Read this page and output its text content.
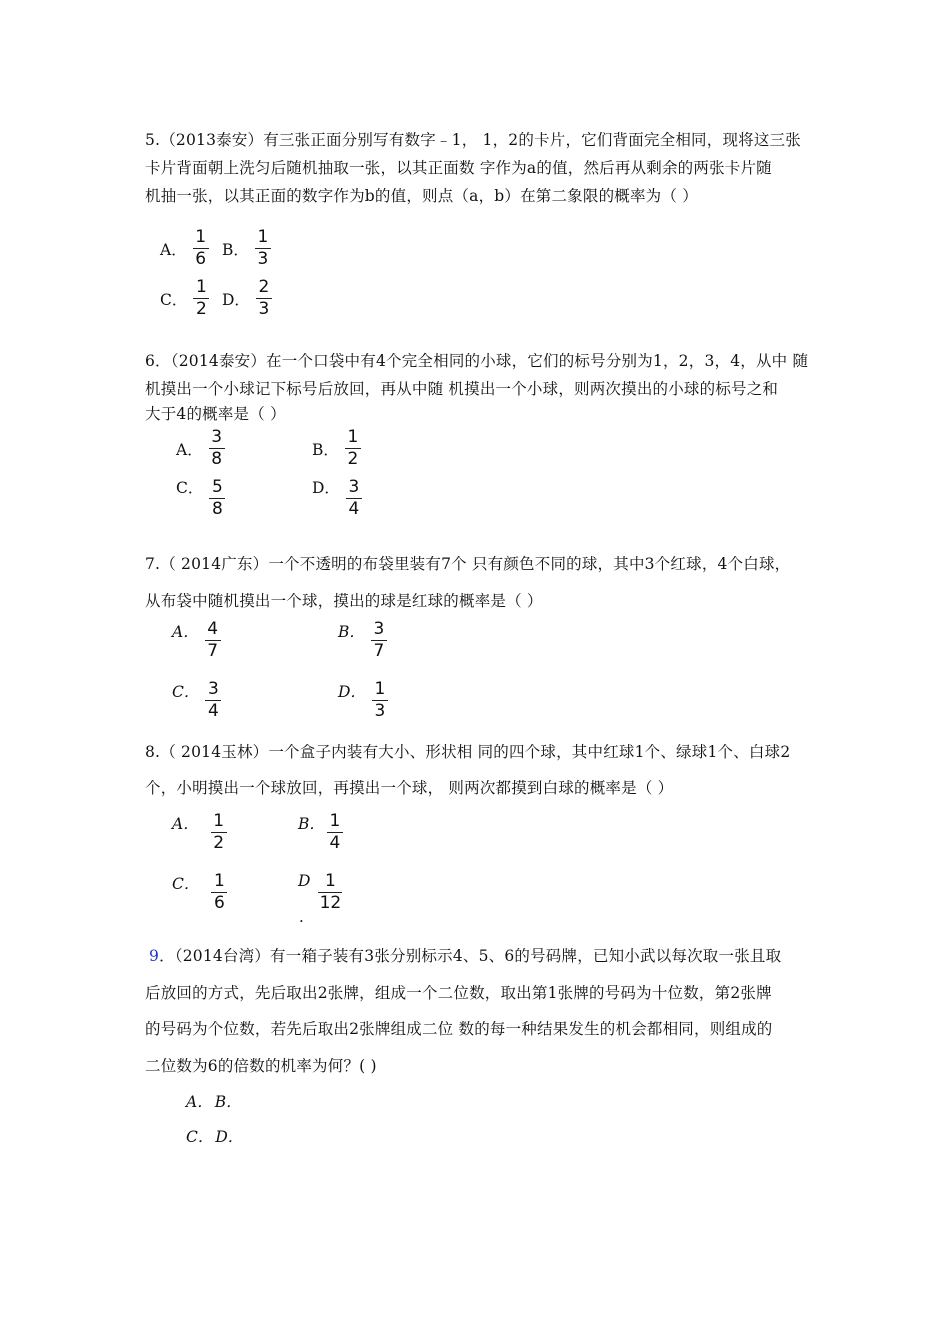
5.（2013泰安）有三张正面分别写有数字﹣1， 1，2的卡片，它们背面完全相同，现将这三张
卡片背面朝上洗匀后随机抽取一张，以其正面数 字作为a的值，然后再从剩余的两张卡片随
机抽一张，以其正面的数字作为b的值，则点（a，b）在第二象限的概率为（ ）
A． $\frac{1}{6}$ B． $\frac{1}{3}$
C． $\frac{1}{2}$ D． $\frac{2}{3}$
6．（2014泰安）在一个口袋中有4个完全相同的小球，它们的标号分别为1，2，3，4，从中 随
机摸出一个小球记下标号后放回，再从中随 机摸出一个小球，则两次摸出的小球的标号之和
大于4的概率是（ ）
A． $\frac{3}{8}$	B． $\frac{1}{2}$
C． $\frac{5}{8}$	D． $\frac{3}{4}$
7.（ 2014广东）一个不透明的布袋里装有7个 只有颜色不同的球，其中3个红球，4个白球，
从布袋中随机摸出一个球，摸出的球是红球的概率是（ ）
A． $\frac{4}{7}$	B． $\frac{3}{7}$
C． $\frac{3}{4}$	D． $\frac{1}{3}$
8.（ 2014玉林）一个盒子内装有大小、形状相 同的四个球，其中红球1个、绿球1个、白球2
个，小明摸出一个球放回，再摸出一个球， 则两次都摸到白球的概率是（ ）
A． $\frac{1}{2}$	B． $\frac{1}{4}$
C． $\frac{1}{6}$	D $\frac{1}{12}$
.
9．（2014台湾）有一箱子装有3张分别标示4、5、6的号码牌，已知小武以每次取一张且取
后放回的方式，先后取出2张牌，组成一个二位数，取出第1张牌的号码为十位数，第2张牌
的号码为个位数，若先后取出2张牌组成二位 数的每一种结果发生的机会都相同，则组成的
二位数为6的倍数的机率为何？( )
A． B．
C． D．
